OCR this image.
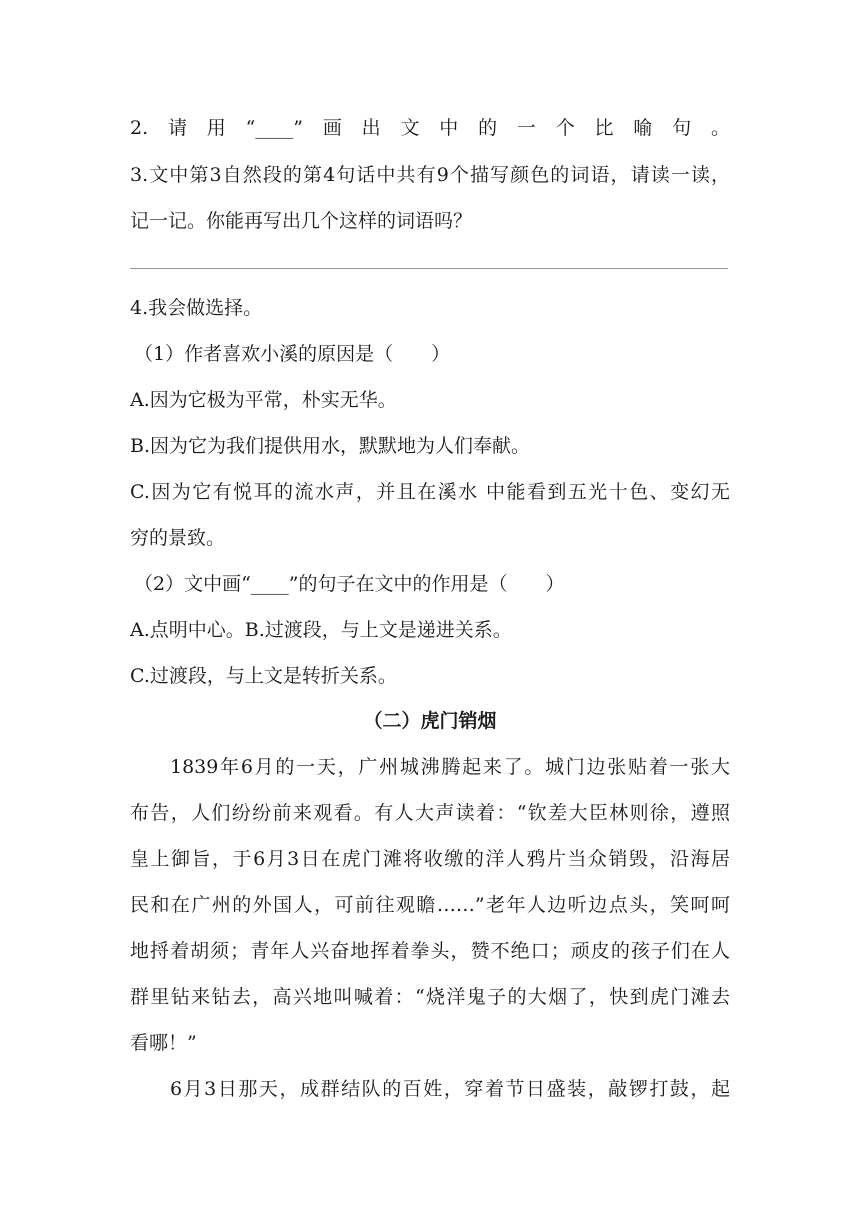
2.请用“____”画出文中的一个比喻句。
3.文中第3自然段的第4句话中共有9个描写颜色的词语，请读一读，
记一记。你能再写出几个这样的词语吗？
4.我会做选择。
（1）作者喜欢小溪的原因是（　　）
A.因为它极为平常，朴实无华。
B.因为它为我们提供用水，默默地为人们奉献。
C.因为它有悦耳的流水声，并且在溪水 中能看到五光十色、变幻无
穷的景致。
（2）文中画“____”的句子在文中的作用是（　　）
A.点明中心。B.过渡段，与上文是递进关系。
C.过渡段，与上文是转折关系。
（二）虎门销烟
1839年6月的一天，广州城沸腾起来了。城门边张贴着一张大
布告，人们纷纷前来观看。有人大声读着：“钦差大臣林则徐，遵照
皇上御旨，于6月3日在虎门滩将收缴的洋人鸦片当众销毁，沿海居
民和在广州的外国人，可前往观瞻……”老年人边听边点头，笑呵呵
地捋着胡须；青年人兴奋地挥着拳头，赞不绝口；顽皮的孩子们在人
群里钻来钻去，高兴地叫喊着：“烧洋鬼子的大烟了，快到虎门滩去
看哪！”
6月3日那天，成群结队的百姓，穿着节日盛装，敲锣打鼓，起
